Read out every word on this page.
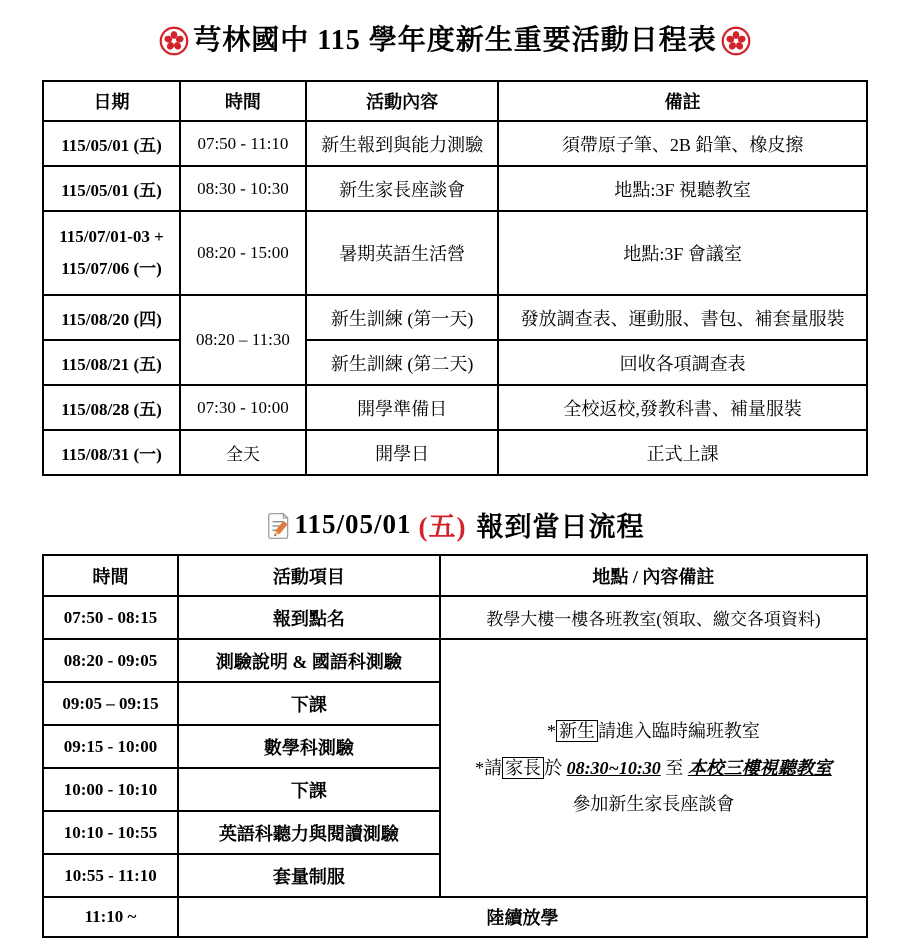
芎林國中 115 學年度新生重要活動日程表
日期	時間	活動內容	備註
115/05/01 (五)	07:50 - 11:10	新生報到與能力測驗	須帶原子筆、2B 鉛筆、橡皮擦
115/05/01 (五)	08:30 - 10:30	新生家長座談會	地點:3F 視聽教室

115/07/01-03 +
115/07/06 (一)	08:20 - 15:00	暑期英語生活營	地點:3F 會議室
115/08/20 (四)	08:20 – 11:30	新生訓練 (第一天)	發放調查表、運動服、書包、補套量服裝
115/08/21 (五)		新生訓練 (第二天)	回收各項調查表
115/08/28 (五)	07:30 - 10:00	開學準備日	全校返校,發教科書、補量服裝
115/08/31 (一)	全天	開學日	正式上課
115/05/01 (五) 報到當日流程
時間	活動項目	地點 / 內容備註
07:50 - 08:15	報到點名	教學大樓一樓各班教室(領取、繳交各項資料)
08:20 - 09:05	測驗說明 & 國語科測驗	* 新生 請進入臨時編班教室
*請 家長 於 08:30~10:30 至 本校三樓視聽教室
參加新生家長座談會

09:05 – 09:15	下課	
09:15 - 10:00	數學科測驗	
10:00 - 10:10	下課	
10:10 - 10:55	英語科聽力與閱讀測驗	
10:55 - 11:10	套量制服	
11:10 ~	陸續放學	
